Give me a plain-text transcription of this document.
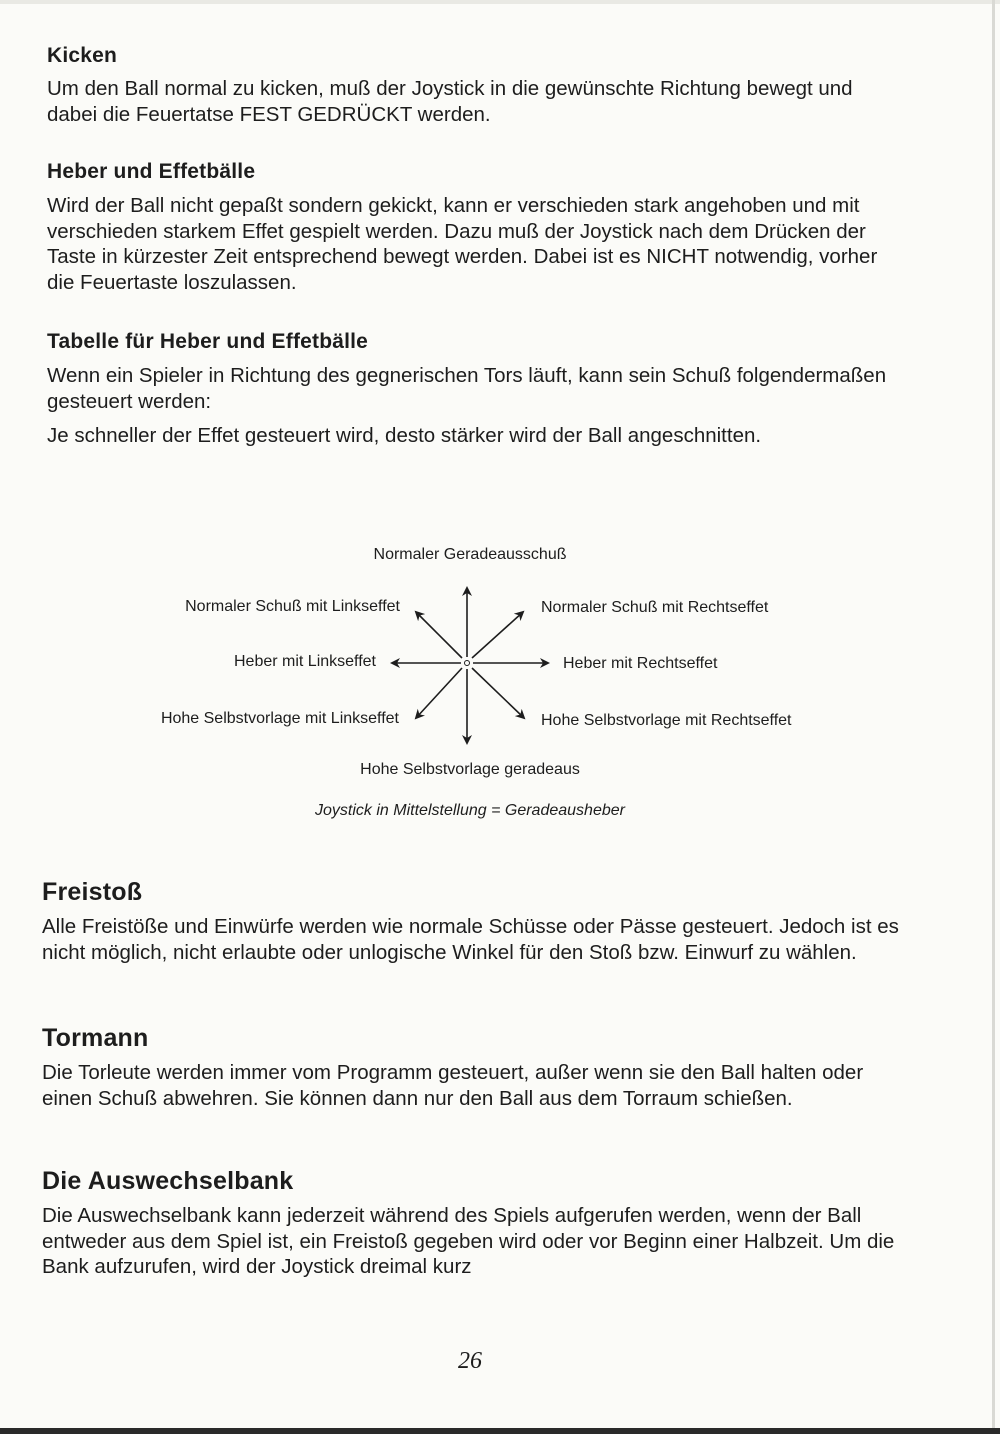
Kicken

Um den Ball normal zu kicken, muß der Joystick in die gewünschte Richtung bewegt und dabei die Feuertatse FEST GEDRÜCKT werden.

Heber und Effetbälle

Wird der Ball nicht gepaßt sondern gekickt, kann er verschieden stark angehoben und mit verschieden starkem Effet gespielt werden. Dazu muß der Joystick nach dem Drücken der Taste in kürzester Zeit entsprechend bewegt werden. Dabei ist es NICHT notwendig, vorher die Feuertaste loszulassen.

Tabelle für Heber und Effetbälle

Wenn ein Spieler in Richtung des gegnerischen Tors läuft, kann sein Schuß folgendermaßen gesteuert werden:

Je schneller der Effet gesteuert wird, desto stärker wird der Ball angeschnitten.

Normaler Geradeausschuß
Normaler Schuß mit Linkseffet	Normaler Schuß mit Rechtseffet
Heber mit Linkseffet	Heber mit Rechtseffet
Hohe Selbstvorlage mit Linkseffet	Hohe Selbstvorlage mit Rechtseffet
Hohe Selbstvorlage geradeaus
Joystick in Mittelstellung = Geradeausheber
Freistoß

Alle Freistöße und Einwürfe werden wie normale Schüsse oder Pässe gesteuert. Jedoch ist es nicht möglich, nicht erlaubte oder unlogische Winkel für den Stoß bzw. Einwurf zu wählen.

Tormann

Die Torleute werden immer vom Programm gesteuert, außer wenn sie den Ball halten oder einen Schuß abwehren. Sie können dann nur den Ball aus dem Torraum schießen.

Die Auswechselbank

Die Auswechselbank kann jederzeit während des Spiels aufgerufen werden, wenn der Ball entweder aus dem Spiel ist, ein Freistoß gegeben wird oder vor Beginn einer Halbzeit. Um die Bank aufzurufen, wird der Joystick dreimal kurz

26
